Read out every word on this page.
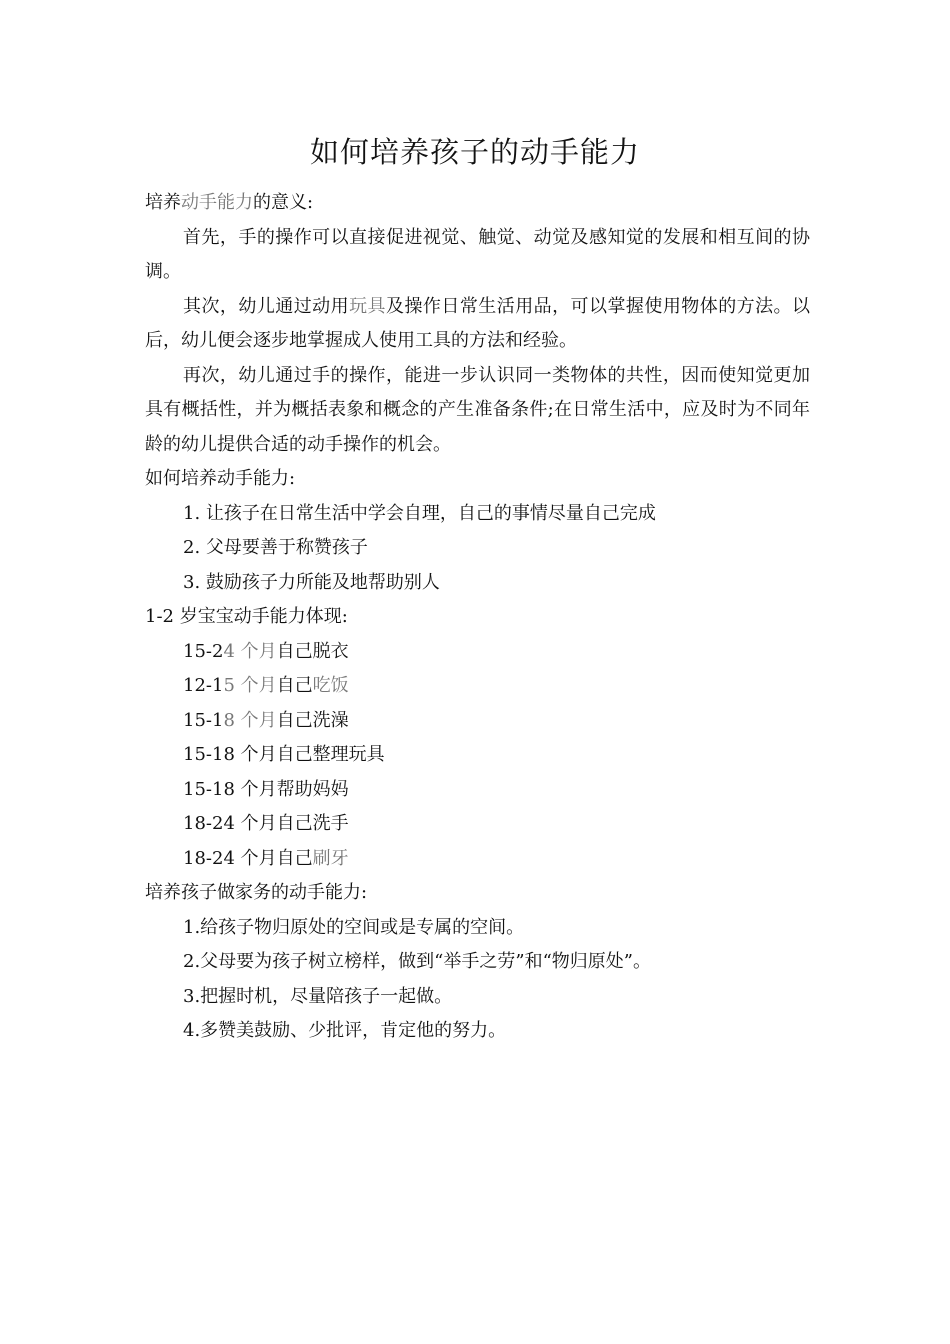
如何培养孩子的动手能力
培养动手能力的意义:
首先，手的操作可以直接促进视觉、触觉、动觉及感知觉的发展和相互间的协调。
其次，幼儿通过动用玩具及操作日常生活用品，可以掌握使用物体的方法。以后，幼儿便会逐步地掌握成人使用工具的方法和经验。
再次，幼儿通过手的操作，能进一步认识同一类物体的共性，因而使知觉更加具有概括性，并为概括表象和概念的产生准备条件;在日常生活中，应及时为不同年龄的幼儿提供合适的动手操作的机会。
如何培养动手能力:
1. 让孩子在日常生活中学会自理，自己的事情尽量自己完成
2. 父母要善于称赞孩子
3. 鼓励孩子力所能及地帮助别人
1-2 岁宝宝动手能力体现:
15-24 个月自己脱衣
12-15 个月自己吃饭
15-18 个月自己洗澡
15-18 个月自己整理玩具
15-18 个月帮助妈妈
18-24 个月自己洗手
18-24 个月自己刷牙
培养孩子做家务的动手能力:
1.给孩子物归原处的空间或是专属的空间。
2.父母要为孩子树立榜样，做到“举手之劳”和“物归原处”。
3.把握时机，尽量陪孩子一起做。
4.多赞美鼓励、少批评，肯定他的努力。
